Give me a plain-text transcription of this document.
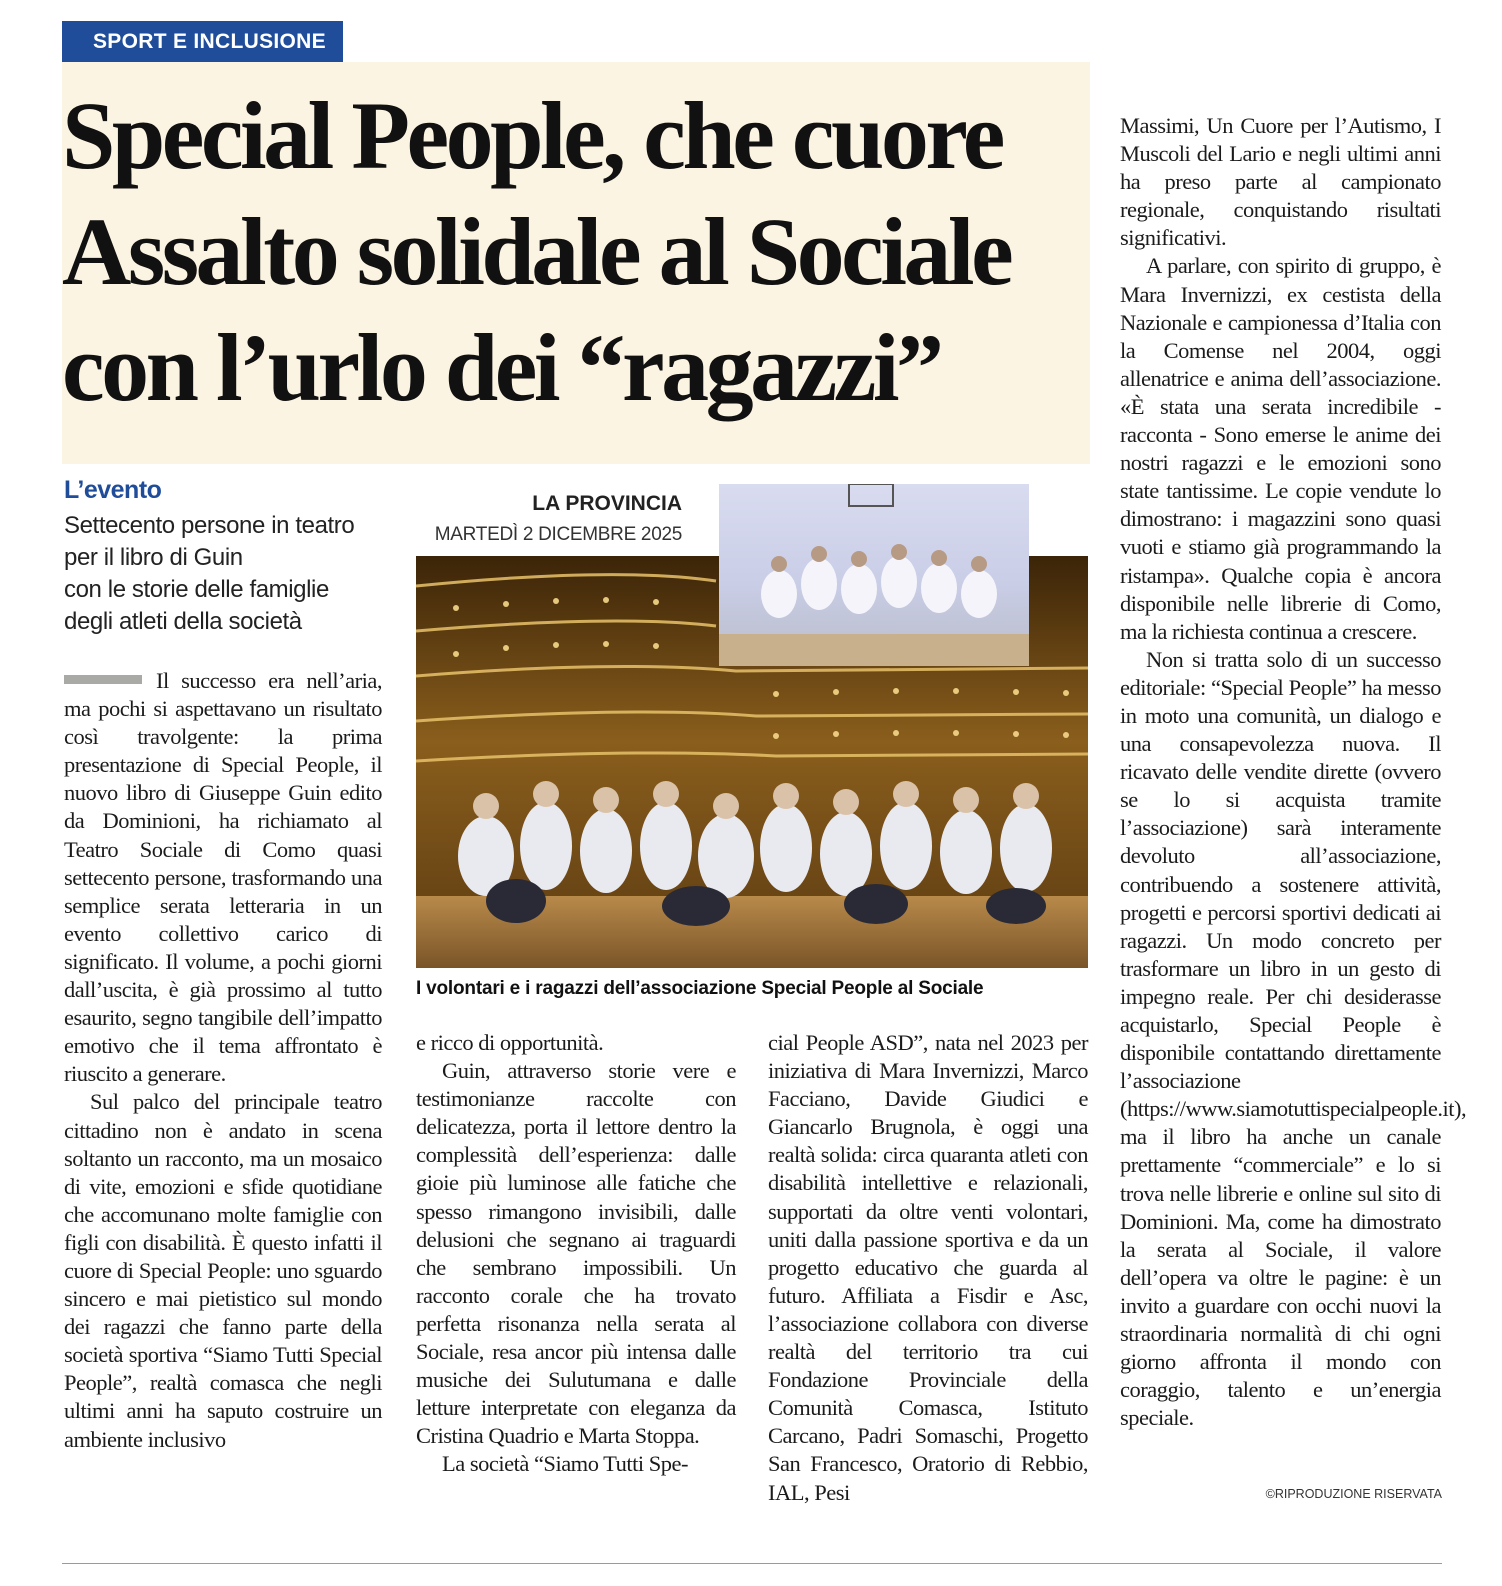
SPORT E INCLUSIONE
Special People, che cuore
Assalto solidale al Sociale
con l’urlo dei “ragazzi”
L’evento
Settecento persone in teatro
per il libro di Guin
con le storie delle famiglie
degli atleti della società
LA PROVINCIA
MARTEDÌ 2 DICEMBRE 2025
I volontari e i ragazzi dell’associazione Special People al Sociale

Il successo era nell’aria, ma pochi si aspettavano un risultato così travolgente: la prima presentazione di Special People, il nuovo libro di Giuseppe Guin edito da Dominioni, ha richiamato al Teatro Sociale di Como quasi settecento persone, trasformando una semplice serata letteraria in un evento collettivo carico di significato. Il volume, a pochi giorni dall’uscita, è già prossimo al tutto esaurito, segno tangibile dell’impatto emotivo che il tema affrontato è riuscito a generare.

Sul palco del principale teatro cittadino non è andato in scena soltanto un racconto, ma un mosaico di vite, emozioni e sfide quotidiane che accomunano molte famiglie con figli con disabilità. È questo infatti il cuore di Special People: uno sguardo sincero e mai pietistico sul mondo dei ragazzi che fanno parte della società sportiva “Siamo Tutti Special People”, realtà comasca che negli ultimi anni ha saputo costruire un ambiente inclusivo

e ricco di opportunità.

Guin, attraverso storie vere e testimonianze raccolte con delicatezza, porta il lettore dentro la complessità dell’esperienza: dalle gioie più luminose alle fatiche che spesso rimangono invisibili, dalle delusioni che segnano ai traguardi che sembrano impossibili. Un racconto corale che ha trovato perfetta risonanza nella serata al Sociale, resa ancor più intensa dalle musiche dei Sulutumana e dalle letture interpretate con eleganza da Cristina Quadrio e Marta Stoppa.

La società “Siamo Tutti Spe-

cial People ASD”, nata nel 2023 per iniziativa di Mara Invernizzi, Marco Facciano, Davide Giudici e Giancarlo Brugnola, è oggi una realtà solida: circa quaranta atleti con disabilità intellettive e relazionali, supportati da oltre venti volontari, uniti dalla passione sportiva e da un progetto educativo che guarda al futuro. Affiliata a Fisdir e Asc, l’associazione collabora con diverse realtà del territorio tra cui Fondazione Provinciale della Comunità Comasca, Istituto Carcano, Padri Somaschi, Progetto San Francesco, Oratorio di Rebbio, IAL, Pesi

Massimi, Un Cuore per l’Autismo, I Muscoli del Lario e negli ultimi anni ha preso parte al campionato regionale, conquistando risultati significativi.

A parlare, con spirito di gruppo, è Mara Invernizzi, ex cestista della Nazionale e campionessa d’Italia con la Comense nel 2004, oggi allenatrice e anima dell’associazione. «È stata una serata incredibile - racconta - Sono emerse le anime dei nostri ragazzi e le emozioni sono state tantissime. Le copie vendute lo dimostrano: i magazzini sono quasi vuoti e stiamo già programmando la ristampa». Qualche copia è ancora disponibile nelle librerie di Como, ma la richiesta continua a crescere.

Non si tratta solo di un successo editoriale: “Special People” ha messo in moto una comunità, un dialogo e una consapevolezza nuova. Il ricavato delle vendite dirette (ovvero se lo si acquista tramite l’associazione) sarà interamente devoluto all’associazione, contribuendo a sostenere attività, progetti e percorsi sportivi dedicati ai ragazzi. Un modo concreto per trasformare un libro in un gesto di impegno reale. Per chi desiderasse acquistarlo, Special People è disponibile contattando direttamente l’associazione (https://www.siamotuttispecialpeople.it), ma il libro ha anche un canale prettamente “commerciale” e lo si trova nelle librerie e online sul sito di Dominioni. Ma, come ha dimostrato la serata al Sociale, il valore dell’opera va oltre le pagine: è un invito a guardare con occhi nuovi la straordinaria normalità di chi ogni giorno affronta il mondo con coraggio, talento e un’energia speciale.

©RIPRODUZIONE RISERVATA
